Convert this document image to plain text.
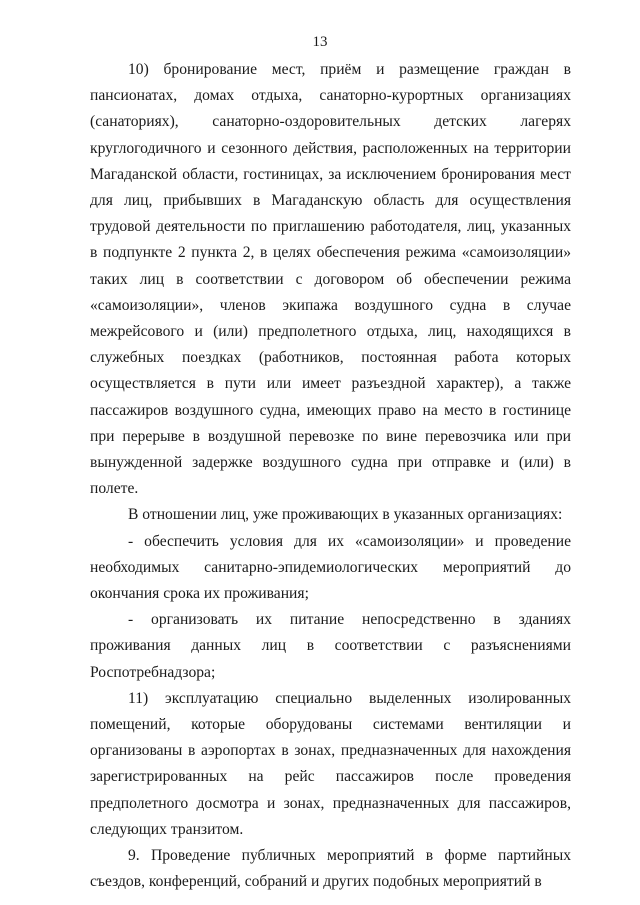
13

10) бронирование мест, приём и размещение граждан в пансионатах, домах отдыха, санаторно-курортных организациях (санаториях), санаторно-оздоровительных детских лагерях круглогодичного и сезонного действия, расположенных на территории Магаданской области, гостиницах, за исключением бронирования мест для лиц, прибывших в Магаданскую область для осуществления трудовой деятельности по приглашению работодателя, лиц, указанных в подпункте 2 пункта 2, в целях обеспечения режима «самоизоляции» таких лиц в соответствии с договором об обеспечении режима «самоизоляции», членов экипажа воздушного судна в случае межрейсового и (или) предполетного отдыха, лиц, находящихся в служебных поездках (работников, постоянная работа которых осуществляется в пути или имеет разъездной характер), а также пассажиров воздушного судна, имеющих право на место в гостинице при перерыве в воздушной перевозке по вине перевозчика или при вынужденной задержке воздушного судна при отправке и (или) в полете.

В отношении лиц, уже проживающих в указанных организациях:

- обеспечить условия для их «самоизоляции» и проведение необходимых санитарно-эпидемиологических мероприятий до окончания срока их проживания;

- организовать их питание непосредственно в зданиях проживания данных лиц в соответствии с разъяснениями Роспотребнадзора;

11) эксплуатацию специально выделенных изолированных помещений, которые оборудованы системами вентиляции и организованы в аэропортах в зонах, предназначенных для нахождения зарегистрированных на рейс пассажиров после проведения предполетного досмотра и зонах, предназначенных для пассажиров, следующих транзитом.

9. Проведение публичных мероприятий в форме партийных съездов, конференций, собраний и других подобных мероприятий в
